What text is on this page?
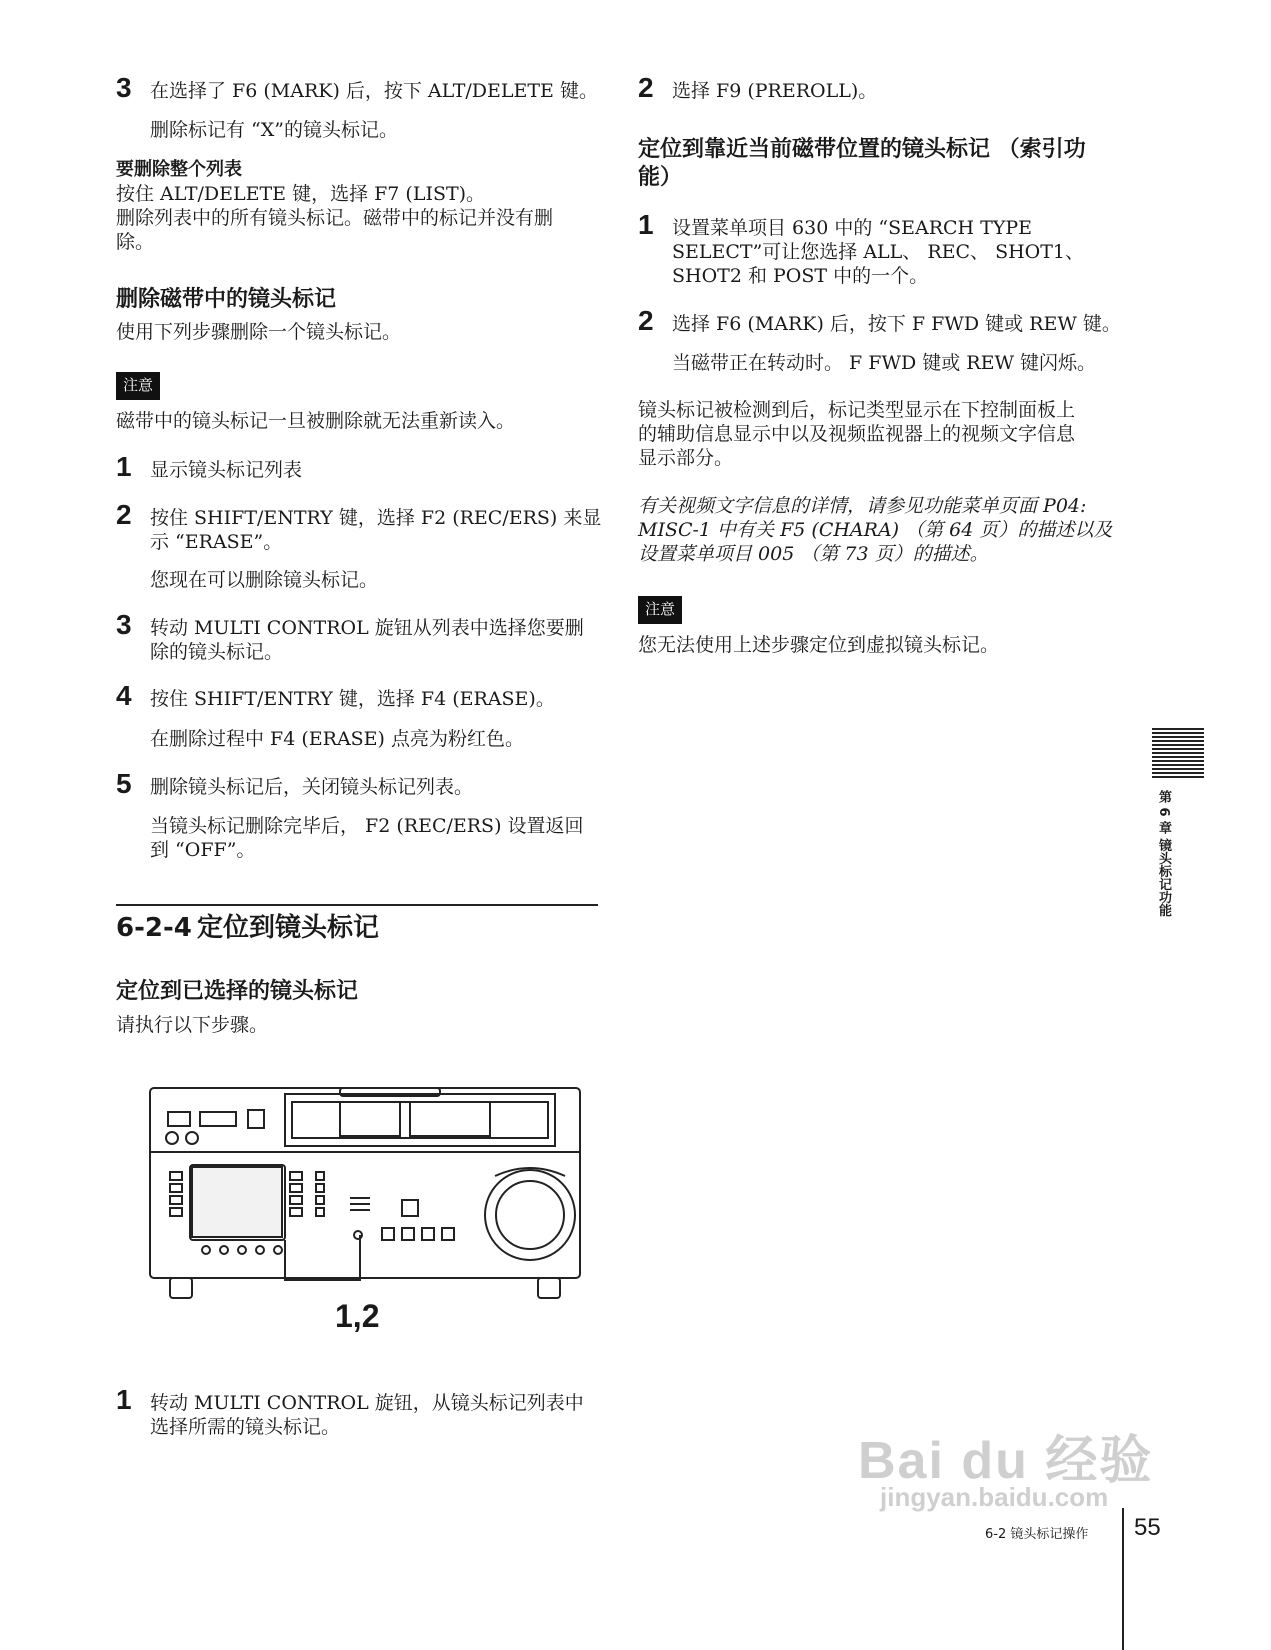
3 在选择了 F6 (MARK) 后，按下 ALT/DELETE 键。
删除标记有 “X”的镜头标记。
要删除整个列表
按住 ALT/DELETE 键，选择 F7 (LIST)。
删除列表中的所有镜头标记。磁带中的标记并没有删
除。
删除磁带中的镜头标记
使用下列步骤删除一个镜头标记。
注意
磁带中的镜头标记一旦被删除就无法重新读入。
1 显示镜头标记列表
2 按住 SHIFT/ENTRY 键，选择 F2 (REC/ERS) 来显
示 “ERASE”。
您现在可以删除镜头标记。
3 转动 MULTI CONTROL 旋钮从列表中选择您要删
除的镜头标记。
4 按住 SHIFT/ENTRY 键，选择 F4 (ERASE)。
在删除过程中 F4 (ERASE) 点亮为粉红色。
5 删除镜头标记后，关闭镜头标记列表。
当镜头标记删除完毕后， F2 (REC/ERS) 设置返回
到 “OFF”。
6-2-4 定位到镜头标记
定位到已选择的镜头标记
请执行以下步骤。
1,2
1 转动 MULTI CONTROL 旋钮，从镜头标记列表中
选择所需的镜头标记。
2 选择 F9 (PREROLL)。
定位到靠近当前磁带位置的镜头标记 （索引功
能）
1 设置菜单项目 630 中的 “SEARCH TYPE
SELECT”可让您选择 ALL、 REC、 SHOT1、
SHOT2 和 POST 中的一个。
2 选择 F6 (MARK) 后，按下 F FWD 键或 REW 键。
当磁带正在转动时。 F FWD 键或 REW 键闪烁。
镜头标记被检测到后，标记类型显示在下控制面板上
的辅助信息显示中以及视频监视器上的视频文字信息
显示部分。
有关视频文字信息的详情，请参见功能菜单页面 P04:
MISC-1 中有关 F5 (CHARA) （第 64 页）的描述以及
设置菜单项目 005 （第 73 页）的描述。
注意
您无法使用上述步骤定位到虚拟镜头标记。
第 6 章 镜头标记功能
Bai du 经验
jingyan.baidu.com
6-2 镜头标记操作 55
